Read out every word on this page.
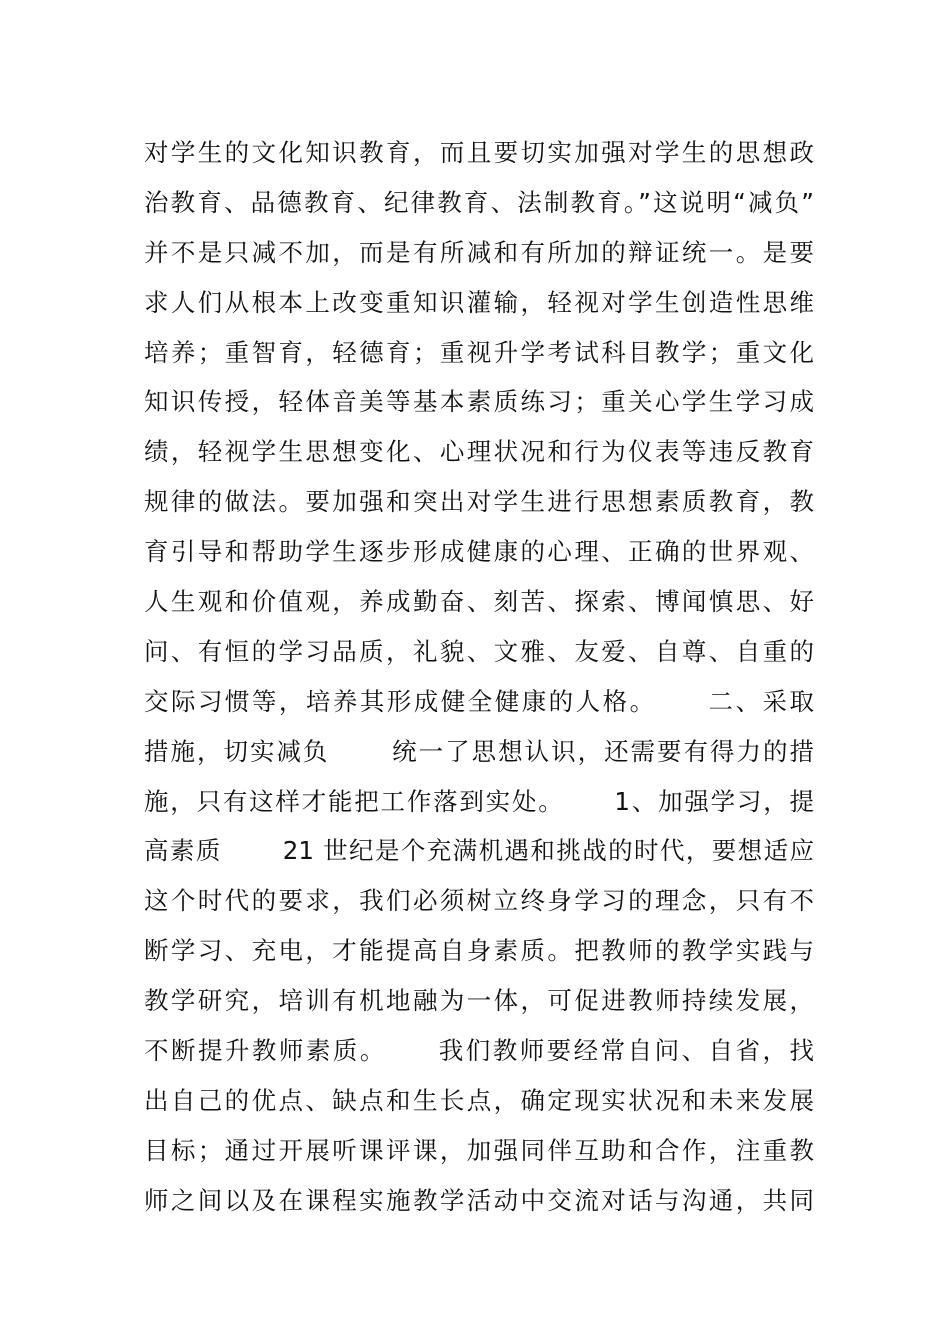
对学生的文化知识教育，而且要切实加强对学生的思想政
治教育、品德教育、纪律教育、法制教育。”这说明“减负”
并不是只减不加，而是有所减和有所加的辩证统一。是要
求人们从根本上改变重知识灌输，轻视对学生创造性思维
培养；重智育，轻德育；重视升学考试科目教学；重文化
知识传授，轻体音美等基本素质练习；重关心学生学习成
绩，轻视学生思想变化、心理状况和行为仪表等违反教育
规律的做法。要加强和突出对学生进行思想素质教育，教
育引导和帮助学生逐步形成健康的心理、正确的世界观、
人生观和价值观，养成勤奋、刻苦、探索、博闻慎思、好
问、有恒的学习品质，礼貌、文雅、友爱、自尊、自重的
交际习惯等，培养其形成健全健康的人格。　　 二、采取
措施，切实减负　　 统一了思想认识，还需要有得力的措
施，只有这样才能把工作落到实处。　　 1、加强学习，提
高素质　　 21 世纪是个充满机遇和挑战的时代，要想适应
这个时代的要求，我们必须树立终身学习的理念，只有不
断学习、充电，才能提高自身素质。把教师的教学实践与
教学研究，培训有机地融为一体，可促进教师持续发展，
不断提升教师素质。　　 我们教师要经常自问、自省，找
出自己的优点、缺点和生长点，确定现实状况和未来发展
目标；通过开展听课评课，加强同伴互助和合作，注重教
师之间以及在课程实施教学活动中交流对话与沟通，共同
